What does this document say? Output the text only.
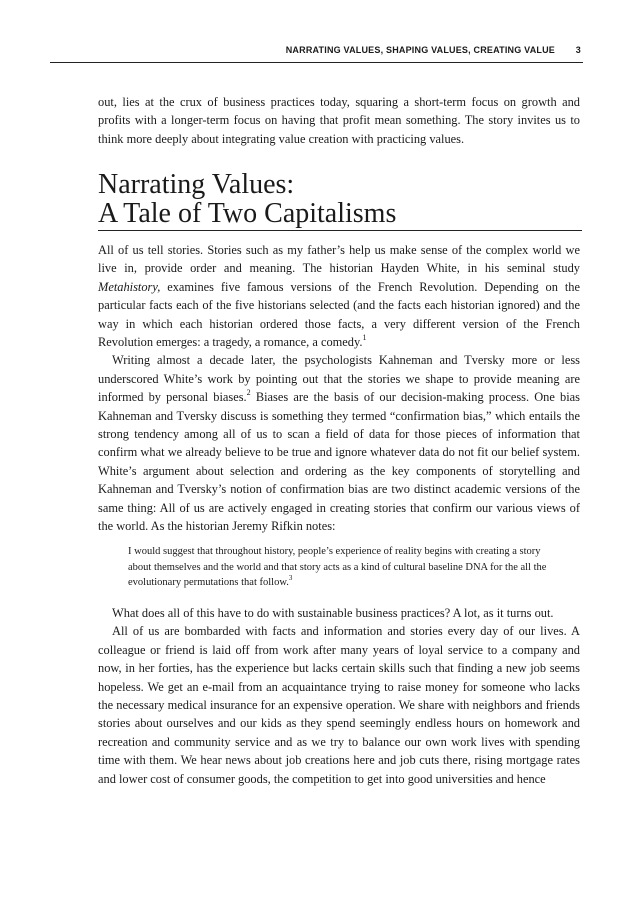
NARRATING VALUES, SHAPING VALUES, CREATING VALUE 3

out, lies at the crux of business practices today, squaring a short-term focus on growth and profits with a longer-term focus on having that profit mean something. The story invites us to think more deeply about integrating value creation with practicing values.

Narrating Values:
A Tale of Two Capitalisms

All of us tell stories. Stories such as my father’s help us make sense of the complex world we live in, provide order and meaning. The historian Hayden White, in his seminal study Metahistory, examines five famous versions of the French Revolution. Depending on the particular facts each of the five historians selected (and the facts each historian ignored) and the way in which each historian ordered those facts, a very different version of the French Revolution emerges: a tragedy, a romance, a comedy.$^1$

Writing almost a decade later, the psychologists Kahneman and Tversky more or less underscored White’s work by pointing out that the stories we shape to provide meaning are informed by personal biases.$^2$ Biases are the basis of our decision-making process. One bias Kahneman and Tversky discuss is something they termed “confirmation bias,” which entails the strong tendency among all of us to scan a field of data for those pieces of information that confirm what we already believe to be true and ignore whatever data do not fit our belief system. White’s argument about selection and ordering as the key components of storytelling and Kahneman and Tversky’s notion of confirmation bias are two distinct academic versions of the same thing: All of us are actively engaged in creating stories that confirm our various views of the world. As the historian Jeremy Rifkin notes:

I would suggest that throughout history, people’s experience of reality begins with creating a story about themselves and the world and that story acts as a kind of cultural baseline DNA for the all the evolutionary permutations that follow.$^3$

What does all of this have to do with sustainable business practices? A lot, as it turns out.

All of us are bombarded with facts and information and stories every day of our lives. A colleague or friend is laid off from work after many years of loyal service to a company and now, in her forties, has the experience but lacks certain skills such that finding a new job seems hopeless. We get an e-mail from an acquaintance trying to raise money for someone who lacks the necessary medical insurance for an expensive operation. We share with neighbors and friends stories about ourselves and our kids as they spend seemingly endless hours on homework and recreation and community service and as we try to balance our own work lives with spending time with them. We hear news about job creations here and job cuts there, rising mortgage rates and lower cost of consumer goods, the competition to get into good universities and hence
